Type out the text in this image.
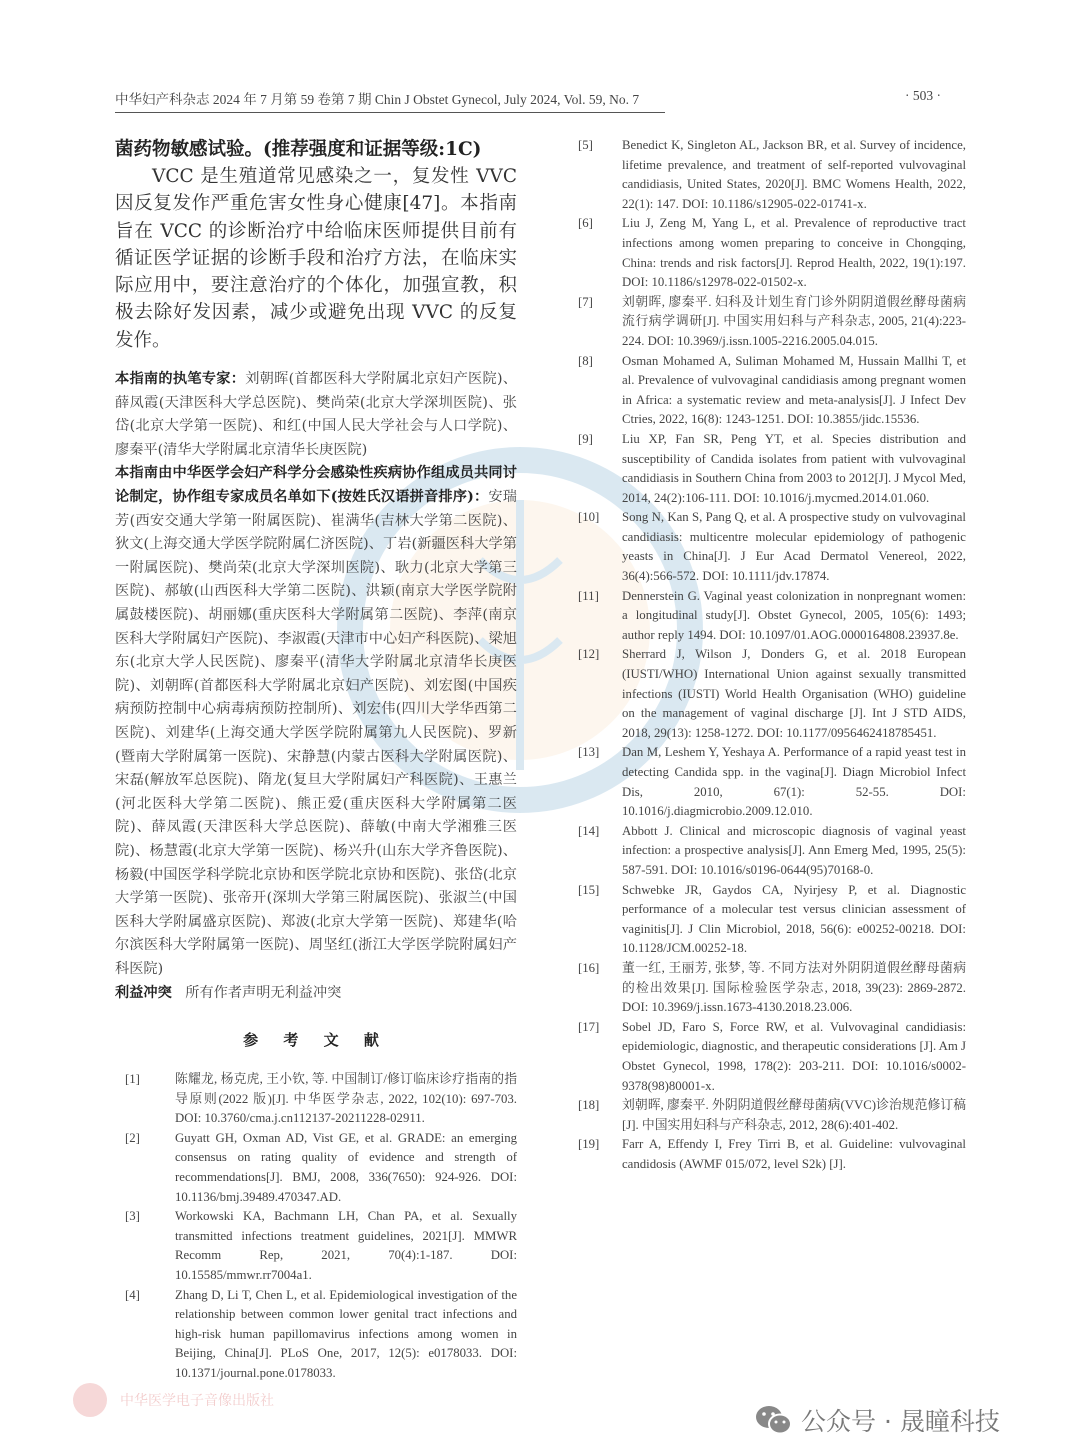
中华妇产科杂志 2024 年 7 月第 59 卷第 7 期 Chin J Obstet Gynecol, July 2024, Vol. 59, No. 7	· 503 ·
菌药物敏感试验。(推荐强度和证据等级:1C)

VCC 是生殖道常见感染之一，复发性 VVC 因反复发作严重危害女性身心健康[47]。本指南旨在 VCC 的诊断治疗中给临床医师提供目前有循证医学证据的诊断手段和治疗方法，在临床实际应用中，要注意治疗的个体化，加强宣教，积极去除好发因素，减少或避免出现 VVC 的反复发作。

本指南的执笔专家：刘朝晖(首都医科大学附属北京妇产医院)、薛凤霞(天津医科大学总医院)、樊尚荣(北京大学深圳医院)、张岱(北京大学第一医院)、和红(中国人民大学社会与人口学院)、廖秦平(清华大学附属北京清华长庚医院)
本指南由中华医学会妇产科学分会感染性疾病协作组成员共同讨论制定，协作组专家成员名单如下(按姓氏汉语拼音排序)：安瑞芳(西安交通大学第一附属医院)、崔满华(吉林大学第二医院)、狄文(上海交通大学医学院附属仁济医院)、丁岩(新疆医科大学第一附属医院)、樊尚荣(北京大学深圳医院)、耿力(北京大学第三医院)、郝敏(山西医科大学第二医院)、洪颖(南京大学医学院附属鼓楼医院)、胡丽娜(重庆医科大学附属第二医院)、李萍(南京医科大学附属妇产医院)、李淑霞(天津市中心妇产科医院)、梁旭东(北京大学人民医院)、廖秦平(清华大学附属北京清华长庚医院)、刘朝晖(首都医科大学附属北京妇产医院)、刘宏图(中国疾病预防控制中心病毒病预防控制所)、刘宏伟(四川大学华西第二医院)、刘建华(上海交通大学医学院附属第九人民医院)、罗新(暨南大学附属第一医院)、宋静慧(内蒙古医科大学附属医院)、宋磊(解放军总医院)、隋龙(复旦大学附属妇产科医院)、王惠兰(河北医科大学第二医院)、熊正爱(重庆医科大学附属第二医院)、薛凤霞(天津医科大学总医院)、薛敏(中南大学湘雅三医院)、杨慧霞(北京大学第一医院)、杨兴升(山东大学齐鲁医院)、杨毅(中国医学科学院北京协和医学院北京协和医院)、张岱(北京大学第一医院)、张帝开(深圳大学第三附属医院)、张淑兰(中国医科大学附属盛京医院)、郑波(北京大学第一医院)、郑建华(哈尔滨医科大学附属第一医院)、周坚红(浙江大学医学院附属妇产科医院)
利益冲突 所有作者声明无利益冲突
参 考 文 献
[1]	陈耀龙, 杨克虎, 王小钦, 等. 中国制订/修订临床诊疗指南的指导原则(2022 版)[J]. 中华医学杂志, 2022, 102(10): 697-703. DOI: 10.3760/cma.j.cn112137-20211228-02911.
[2]	Guyatt GH, Oxman AD, Vist GE, et al. GRADE: an emerging consensus on rating quality of evidence and strength of recommendations[J]. BMJ, 2008, 336(7650): 924-926. DOI: 10.1136/bmj.39489.470347.AD.
[3]	Workowski KA, Bachmann LH, Chan PA, et al. Sexually transmitted infections treatment guidelines, 2021[J]. MMWR Recomm Rep, 2021, 70(4):1-187. DOI: 10.15585/mmwr.rr7004a1.
[4]	Zhang D, Li T, Chen L, et al. Epidemiological investigation of the relationship between common lower genital tract infections and high-risk human papillomavirus infections among women in Beijing, China[J]. PLoS One, 2017, 12(5): e0178033. DOI: 10.1371/journal.pone.0178033.
[5]	Benedict K, Singleton AL, Jackson BR, et al. Survey of incidence, lifetime prevalence, and treatment of self-reported vulvovaginal candidiasis, United States, 2020[J]. BMC Womens Health, 2022, 22(1): 147. DOI: 10.1186/s12905-022-01741-x.
[6]	Liu J, Zeng M, Yang L, et al. Prevalence of reproductive tract infections among women preparing to conceive in Chongqing, China: trends and risk factors[J]. Reprod Health, 2022, 19(1):197. DOI: 10.1186/s12978-022-01502-x.
[7]	刘朝晖, 廖秦平. 妇科及计划生育门诊外阴阴道假丝酵母菌病流行病学调研[J]. 中国实用妇科与产科杂志, 2005, 21(4):223-224. DOI: 10.3969/j.issn.1005-2216.2005.04.015.
[8]	Osman Mohamed A, Suliman Mohamed M, Hussain Mallhi T, et al. Prevalence of vulvovaginal candidiasis among pregnant women in Africa: a systematic review and meta-analysis[J]. J Infect Dev Ctries, 2022, 16(8): 1243-1251. DOI: 10.3855/jidc.15536.
[9]	Liu XP, Fan SR, Peng YT, et al. Species distribution and susceptibility of Candida isolates from patient with vulvovaginal candidiasis in Southern China from 2003 to 2012[J]. J Mycol Med, 2014, 24(2):106-111. DOI: 10.1016/j.mycmed.2014.01.060.
[10]	Song N, Kan S, Pang Q, et al. A prospective study on vulvovaginal candidiasis: multicentre molecular epidemiology of pathogenic yeasts in China[J]. J Eur Acad Dermatol Venereol, 2022, 36(4):566-572. DOI: 10.1111/jdv.17874.
[11]	Dennerstein G. Vaginal yeast colonization in nonpregnant women: a longitudinal study[J]. Obstet Gynecol, 2005, 105(6): 1493; author reply 1494. DOI: 10.1097/01.AOG.0000164808.23937.8e.
[12]	Sherrard J, Wilson J, Donders G, et al. 2018 European (IUSTI/WHO) International Union against sexually transmitted infections (IUSTI) World Health Organisation (WHO) guideline on the management of vaginal discharge [J]. Int J STD AIDS, 2018, 29(13): 1258-1272. DOI: 10.1177/0956462418785451.
[13]	Dan M, Leshem Y, Yeshaya A. Performance of a rapid yeast test in detecting Candida spp. in the vagina[J]. Diagn Microbiol Infect Dis, 2010, 67(1): 52-55. DOI: 10.1016/j.diagmicrobio.2009.12.010.
[14]	Abbott J. Clinical and microscopic diagnosis of vaginal yeast infection: a prospective analysis[J]. Ann Emerg Med, 1995, 25(5): 587-591. DOI: 10.1016/s0196-0644(95)70168-0.
[15]	Schwebke JR, Gaydos CA, Nyirjesy P, et al. Diagnostic performance of a molecular test versus clinician assessment of vaginitis[J]. J Clin Microbiol, 2018, 56(6): e00252-00218. DOI: 10.1128/JCM.00252-18.
[16]	董一红, 王丽芳, 张梦, 等. 不同方法对外阴阴道假丝酵母菌病的检出效果[J]. 国际检验医学杂志, 2018, 39(23): 2869-2872. DOI: 10.3969/j.issn.1673-4130.2018.23.006.
[17]	Sobel JD, Faro S, Force RW, et al. Vulvovaginal candidiasis: epidemiologic, diagnostic, and therapeutic considerations [J]. Am J Obstet Gynecol, 1998, 178(2): 203-211. DOI: 10.1016/s0002-9378(98)80001-x.
[18]	刘朝晖, 廖秦平. 外阴阴道假丝酵母菌病(VVC)诊治规范修订稿[J]. 中国实用妇科与产科杂志, 2012, 28(6):401-402.
[19]	Farr A, Effendy I, Frey Tirri B, et al. Guideline: vulvovaginal candidosis (AWMF 015/072, level S2k) [J].
中华医学电子音像出版社
公众号 · 晟瞳科技
